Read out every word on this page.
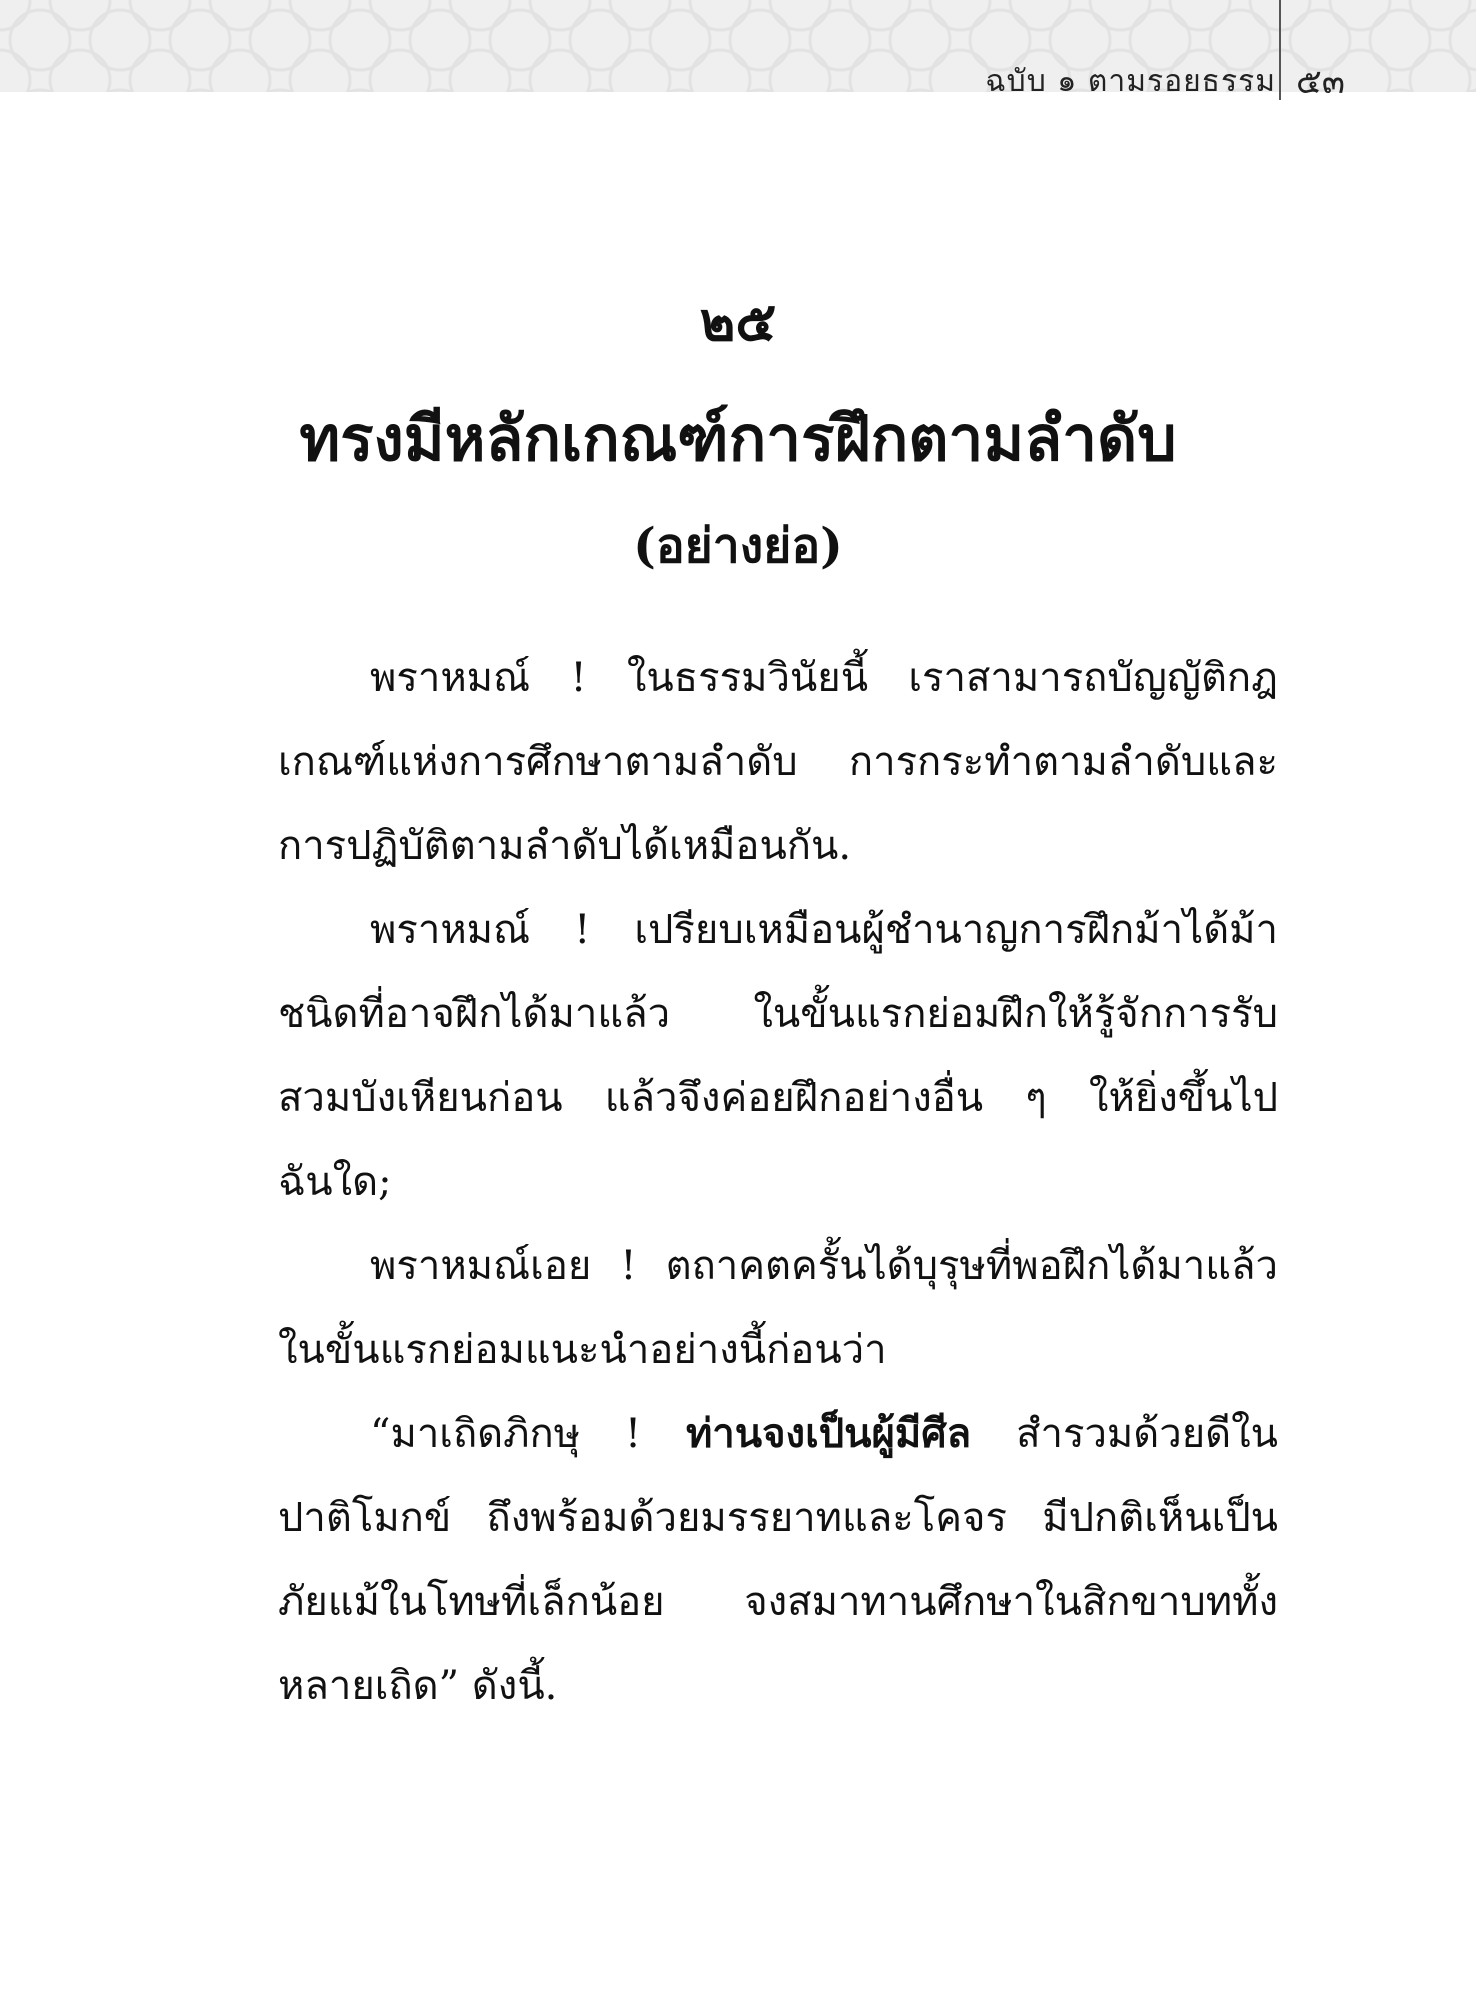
ฉบับ ๑ ตามรอยธรรม ๕๓
๒๕
ทรงมีหลักเกณฑ์การฝึกตามลำดับ
(อย่างย่อ)

พราหมณ์ ! ในธรรมวินัยนี้ เราสามารถบัญญัติกฎเกณฑ์แห่งการศึกษาตามลำดับ การกระทำตามลำดับและการปฏิบัติตามลำดับได้เหมือนกัน.

พราหมณ์ ! เปรียบเหมือนผู้ชำนาญการฝึกม้าได้ม้าชนิดที่อาจฝึกได้มาแล้ว ในขั้นแรกย่อมฝึกให้รู้จักการรับสวมบังเหียนก่อน แล้วจึงค่อยฝึกอย่างอื่น ๆ ให้ยิ่งขึ้นไปฉันใด;

พราหมณ์เอย ! ตถาคตครั้นได้บุรุษที่พอฝึกได้มาแล้วในขั้นแรกย่อมแนะนำอย่างนี้ก่อนว่า

“มาเถิดภิกษุ ! ท่านจงเป็นผู้มีศีล สำรวมด้วยดีในปาติโมกข์ ถึงพร้อมด้วยมรรยาทและโคจร มีปกติเห็นเป็นภัยแม้ในโทษที่เล็กน้อย จงสมาทานศึกษาในสิกขาบททั้งหลายเถิด” ดังนี้.
